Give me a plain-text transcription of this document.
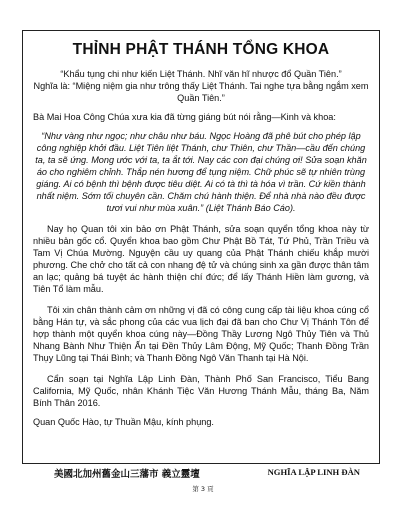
THỈNH PHẬT THÁNH TỔNG KHOA

“Khẩu tụng chi như kiến Liệt Thánh. Nhĩ văn hĩ nhược đổ Quần Tiên.”

Nghĩa là: “Miệng niệm gia như trông thấy Liệt Thánh. Tai nghe tựa bằng ngắm xem Quần Tiên.”

Bà Mai Hoa Công Chúa xưa kia đã từng giáng bút nói rằng—Kinh và khoa:

“Như vàng như ngọc; như châu như báu. Ngọc Hoàng đã phê bút cho phép lập công nghiệp khởi đầu. Liệt Tiên liệt Thánh, chư Thiên, chư Thần—cầu đến chúng ta, ta sẽ ứng. Mong ước với ta, ta ắt tới. Nay các con đại chúng ơi! Sửa soạn khăn áo cho nghiêm chỉnh. Thắp nén hương để tụng niệm. Chữ phúc sẽ tự nhiên trùng giáng. Ai có bệnh thì bệnh được tiêu diệt. Ai có tà thì tà hóa vì trần. Cứ kiền thành nhất niệm. Sớm tối chuyên cần. Chăm chú hành thiện. Để nhà nhà nào đều được tươi vui như mùa xuân.” (Liệt Thánh Báo Cáo).

Nay họ Quan tôi xin bảo ơn Phật Thánh, sửa soạn quyển tổng khoa này từ nhiều bản gốc cổ. Quyển khoa bao gồm Chư Phật Bồ Tát, Tứ Phủ, Trần Triều và Tam Vị Chúa Mường. Nguyện cầu uy quang của Phật Thánh chiếu khắp mười phương. Che chở cho tất cả con nhang đệ tử và chúng sinh xa gần được thân tâm an lạc; quảng bá tuyệt ác hành thiện chí đức; để lấy Thánh Hiền làm gương, và Tiên Tổ làm mẫu.

Tôi xin chân thành cảm ơn những vị đã có công cung cấp tài liệu khoa cúng cổ bằng Hán tự, và sắc phong của các vua lịch đại đã ban cho Chư Vị Thánh Tôn để hợp thành một quyển khoa cúng này—Đồng Thầy Lương Ngô Thủy Tiên và Thủ Nhang Bành Như Thiện Ấn tại Đền Thủy Lâm Động, Mỹ Quốc; Thanh Đồng Trần Thụy Lũng tại Thái Bình; và Thanh Đồng Ngô Văn Thanh tại Hà Nội.

Cẩn soạn tại Nghĩa Lập Linh Đàn, Thành Phố San Francisco, Tiểu Bang California, Mỹ Quốc, nhân Khánh Tiệc Văn Hương Thánh Mẫu, tháng Ba, Năm Bính Thân 2016.

Quan Quốc Hào, tự Thuần Mậu, kính phụng.

美國北加州舊金山三藩市 義立靈壇	NGHĨA LẬP LINH ĐÀN
第 3 頁
